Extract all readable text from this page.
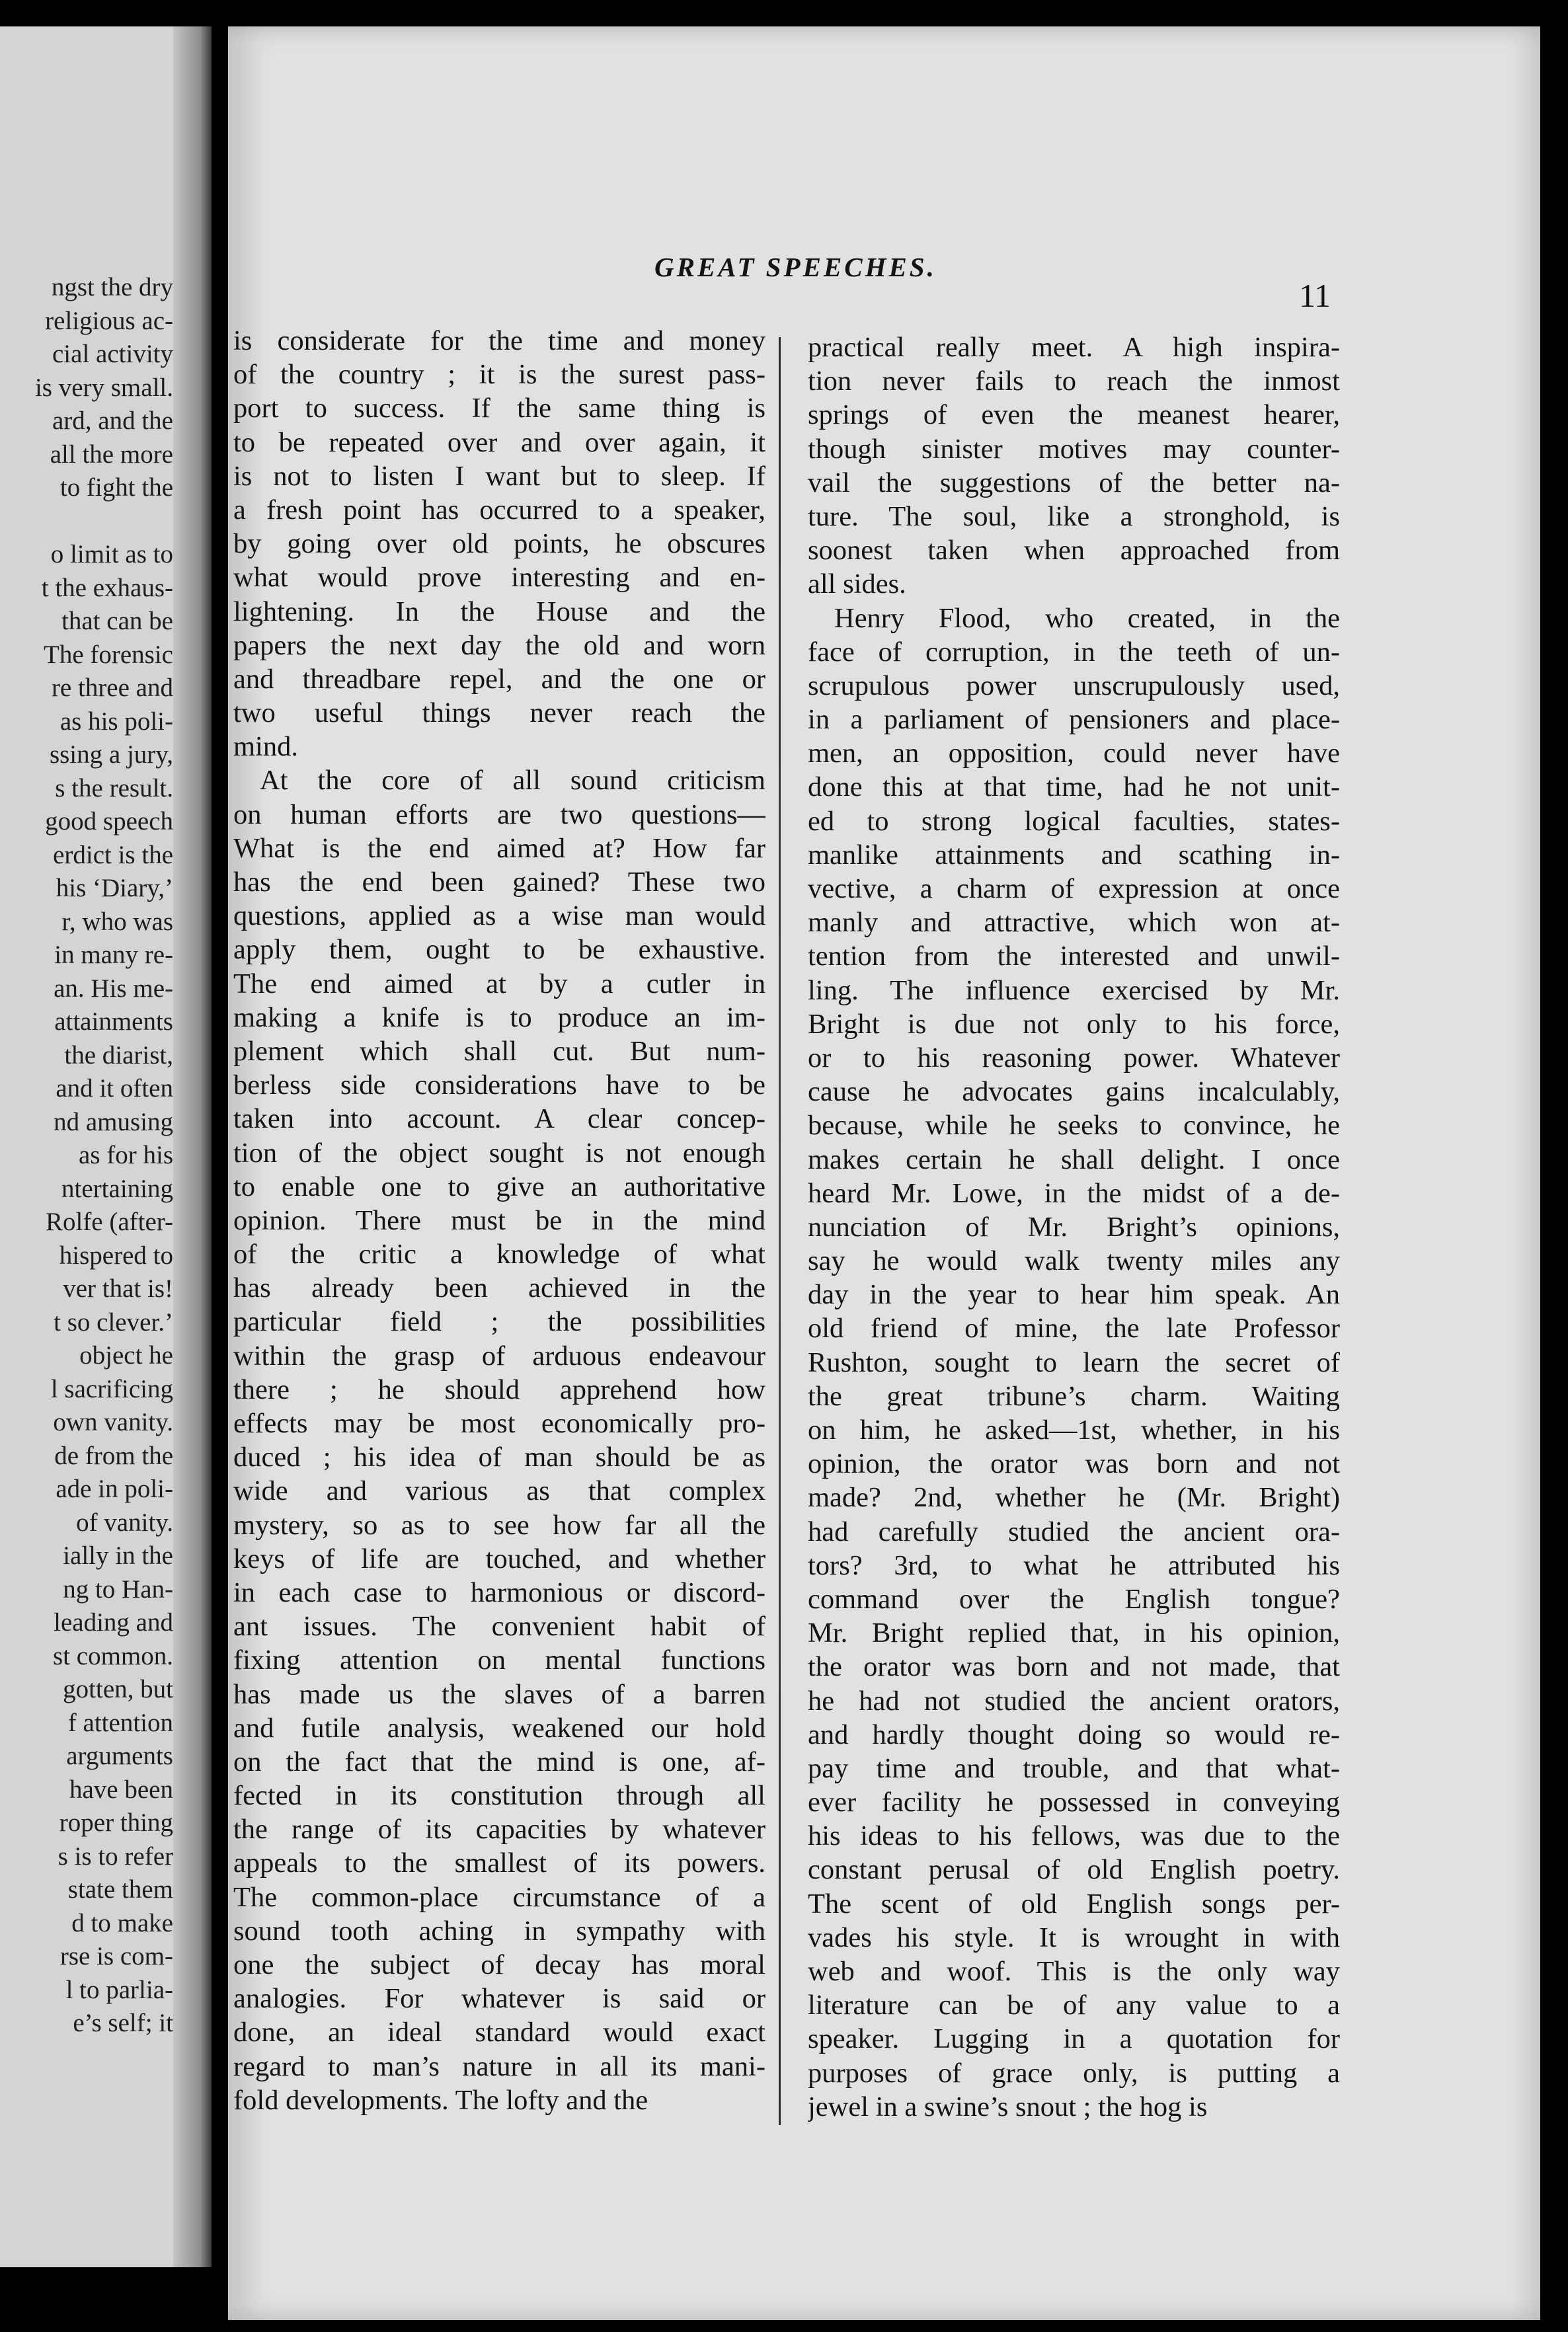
ngst the dry
religious ac-
cial activity
is very small.
ard, and the
all the more
to fight the
o limit as to
t the exhaus-
that can be
The forensic
re three and
as his poli-
ssing a jury,
s the result.
good speech
erdict is the
his ‘Diary,’
r, who was
in many re-
an. His me-
attainments
the diarist,
and it often
nd amusing
as for his
ntertaining
Rolfe (after-
hispered to
ver that is!
t so clever.’
object he
l sacrificing
own vanity.
de from the
ade in poli-
of vanity.
ially in the
ng to Han-
leading and
st common.
gotten, but
f attention
arguments
have been
roper thing
s is to refer
state them
d to make
rse is com-
l to parlia-
e’s self; it
GREAT SPEECHES.
11
is considerate for the time and money
of the country ; it is the surest pass-
port to success. If the same thing is
to be repeated over and over again, it
is not to listen I want but to sleep. If
a fresh point has occurred to a speaker,
by going over old points, he obscures
what would prove interesting and en-
lightening. In the House and the
papers the next day the old and worn
and threadbare repel, and the one or
two useful things never reach the
mind.
At the core of all sound criticism
on human efforts are two questions—
What is the end aimed at? How far
has the end been gained? These two
questions, applied as a wise man would
apply them, ought to be exhaustive.
The end aimed at by a cutler in
making a knife is to produce an im-
plement which shall cut. But num-
berless side considerations have to be
taken into account. A clear concep-
tion of the object sought is not enough
to enable one to give an authoritative
opinion. There must be in the mind
of the critic a knowledge of what
has already been achieved in the
particular field ; the possibilities
within the grasp of arduous endeavour
there ; he should apprehend how
effects may be most economically pro-
duced ; his idea of man should be as
wide and various as that complex
mystery, so as to see how far all the
keys of life are touched, and whether
in each case to harmonious or discord-
ant issues. The convenient habit of
fixing attention on mental functions
has made us the slaves of a barren
and futile analysis, weakened our hold
on the fact that the mind is one, af-
fected in its constitution through all
the range of its capacities by whatever
appeals to the smallest of its powers.
The common-place circumstance of a
sound tooth aching in sympathy with
one the subject of decay has moral
analogies. For whatever is said or
done, an ideal standard would exact
regard to man’s nature in all its mani-
fold developments. The lofty and the
practical really meet. A high inspira-
tion never fails to reach the inmost
springs of even the meanest hearer,
though sinister motives may counter-
vail the suggestions of the better na-
ture. The soul, like a stronghold, is
soonest taken when approached from
all sides.
Henry Flood, who created, in the
face of corruption, in the teeth of un-
scrupulous power unscrupulously used,
in a parliament of pensioners and place-
men, an opposition, could never have
done this at that time, had he not unit-
ed to strong logical faculties, states-
manlike attainments and scathing in-
vective, a charm of expression at once
manly and attractive, which won at-
tention from the interested and unwil-
ling. The influence exercised by Mr.
Bright is due not only to his force,
or to his reasoning power. Whatever
cause he advocates gains incalculably,
because, while he seeks to convince, he
makes certain he shall delight. I once
heard Mr. Lowe, in the midst of a de-
nunciation of Mr. Bright’s opinions,
say he would walk twenty miles any
day in the year to hear him speak. An
old friend of mine, the late Professor
Rushton, sought to learn the secret of
the great tribune’s charm. Waiting
on him, he asked—1st, whether, in his
opinion, the orator was born and not
made? 2nd, whether he (Mr. Bright)
had carefully studied the ancient ora-
tors? 3rd, to what he attributed his
command over the English tongue?
Mr. Bright replied that, in his opinion,
the orator was born and not made, that
he had not studied the ancient orators,
and hardly thought doing so would re-
pay time and trouble, and that what-
ever facility he possessed in conveying
his ideas to his fellows, was due to the
constant perusal of old English poetry.
The scent of old English songs per-
vades his style. It is wrought in with
web and woof. This is the only way
literature can be of any value to a
speaker. Lugging in a quotation for
purposes of grace only, is putting a
jewel in a swine’s snout ; the hog is
